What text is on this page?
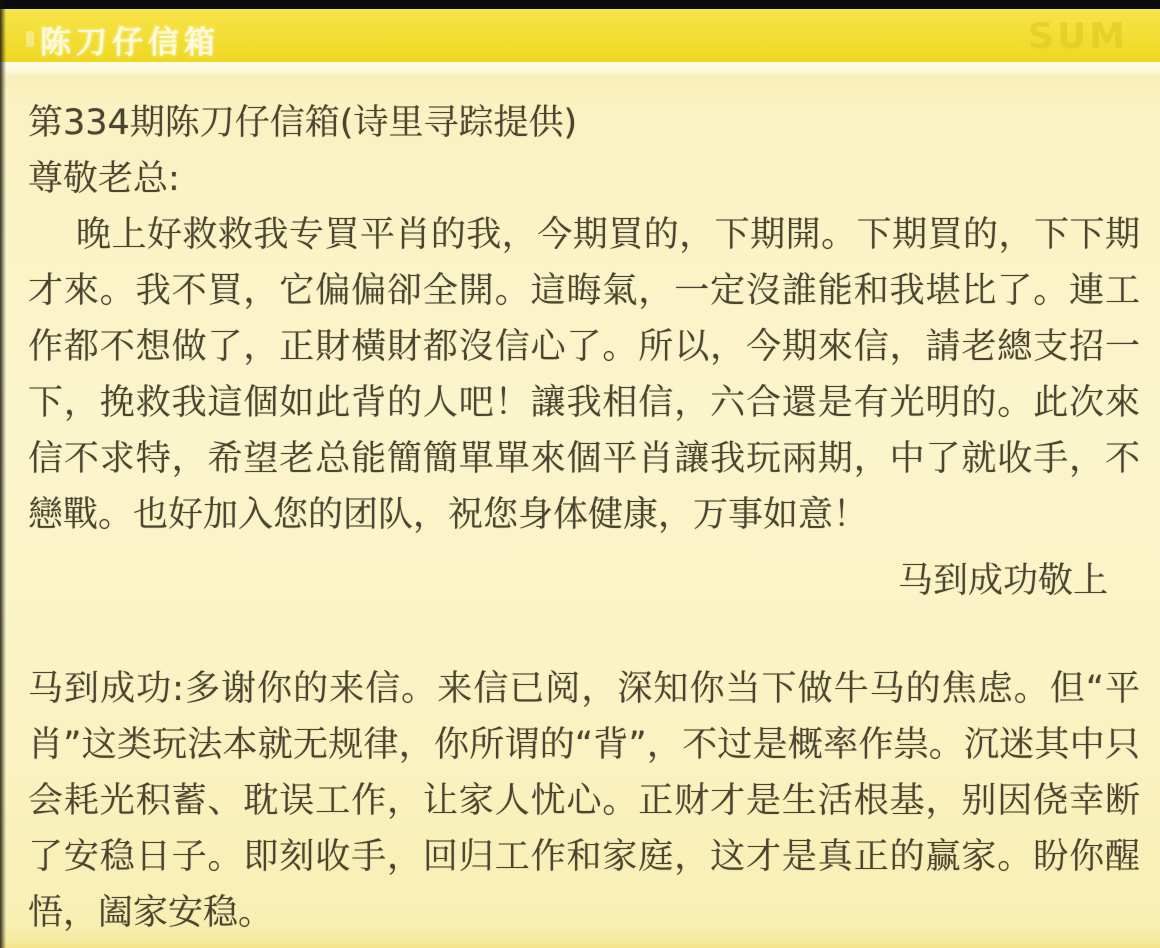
陈刀仔信箱	SUM
第334期陈刀仔信箱(诗里寻踪提供)
尊敬老总:

晚上好救救我专買平肖的我，今期買的，下期開。下期買的，下下期才來。我不買，它偏偏卻全開。這晦氣，一定沒誰能和我堪比了。連工作都不想做了，正財橫財都沒信心了。所以，今期來信，請老總支招一下，挽救我這個如此背的人吧！讓我相信，六合還是有光明的。此次來信不求特，希望老总能簡簡單單來個平肖讓我玩兩期，中了就收手，不戀戰。也好加入您的团队，祝您身体健康，万事如意！

马到成功敬上

马到成功:多谢你的来信。来信已阅，深知你当下做牛马的焦虑。但“平肖”这类玩法本就无规律，你所谓的“背”，不过是概率作祟。沉迷其中只会耗光积蓄、耽误工作，让家人忧心。正财才是生活根基，别因侥幸断了安稳日子。即刻收手，回归工作和家庭，这才是真正的赢家。盼你醒悟，阖家安稳。
